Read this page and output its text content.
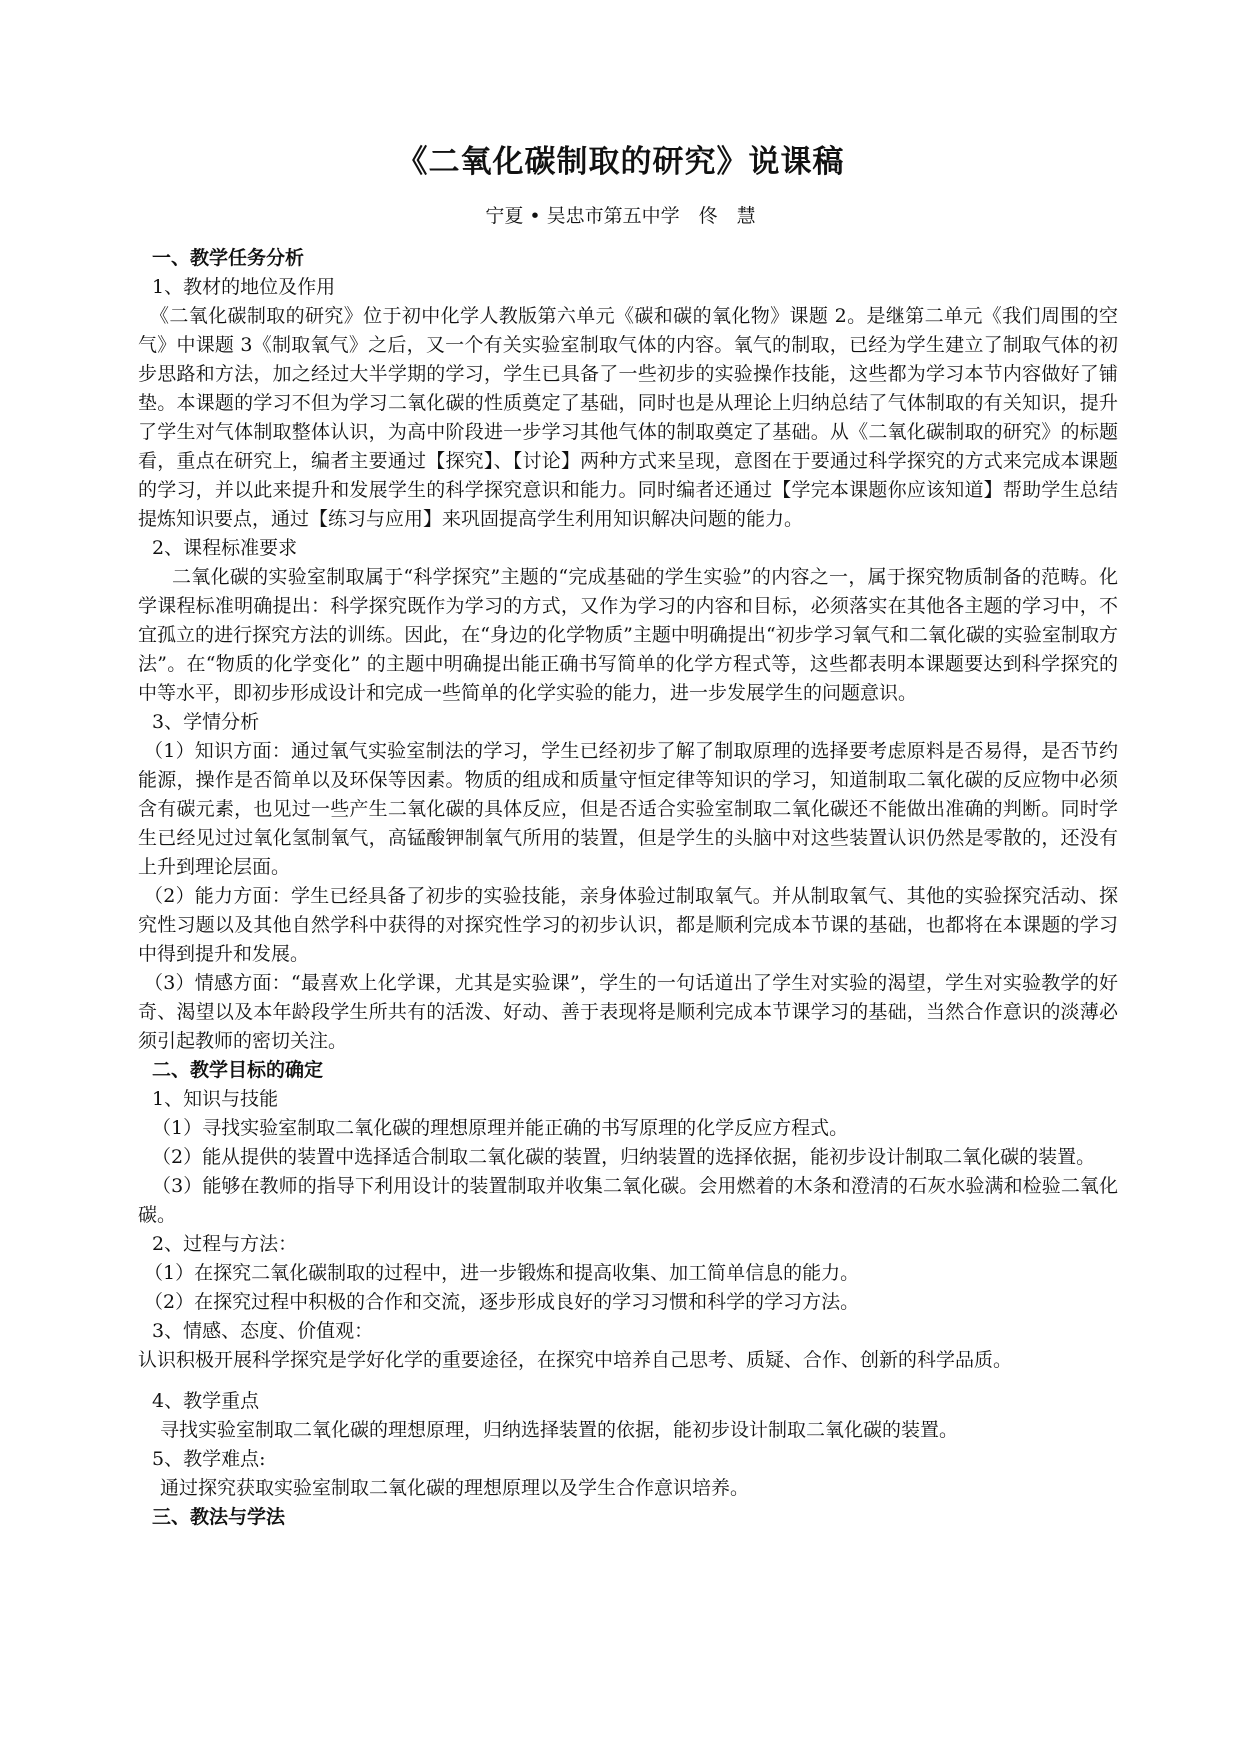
《二氧化碳制取的研究》说课稿
宁夏 • 吴忠市第五中学　佟　慧

一、教学任务分析

1、教材的地位及作用

《二氧化碳制取的研究》位于初中化学人教版第六单元《碳和碳的氧化物》课题 2。是继第二单元《我们周围的空气》中课题 3《制取氧气》之后，又一个有关实验室制取气体的内容。氧气的制取，已经为学生建立了制取气体的初步思路和方法，加之经过大半学期的学习，学生已具备了一些初步的实验操作技能，这些都为学习本节内容做好了铺垫。本课题的学习不但为学习二氧化碳的性质奠定了基础，同时也是从理论上归纳总结了气体制取的有关知识，提升了学生对气体制取整体认识，为高中阶段进一步学习其他气体的制取奠定了基础。从《二氧化碳制取的研究》的标题看，重点在研究上，编者主要通过【探究】、【讨论】两种方式来呈现，意图在于要通过科学探究的方式来完成本课题的学习，并以此来提升和发展学生的科学探究意识和能力。同时编者还通过【学完本课题你应该知道】帮助学生总结提炼知识要点，通过【练习与应用】来巩固提高学生利用知识解决问题的能力。

2、课程标准要求

二氧化碳的实验室制取属于“科学探究”主题的“完成基础的学生实验”的内容之一，属于探究物质制备的范畴。化学课程标准明确提出：科学探究既作为学习的方式，又作为学习的内容和目标，必须落实在其他各主题的学习中，不宜孤立的进行探究方法的训练。因此，在“身边的化学物质”主题中明确提出“初步学习氧气和二氧化碳的实验室制取方法”。在“物质的化学变化” 的主题中明确提出能正确书写简单的化学方程式等，这些都表明本课题要达到科学探究的中等水平，即初步形成设计和完成一些简单的化学实验的能力，进一步发展学生的问题意识。

3、学情分析

（1）知识方面：通过氧气实验室制法的学习，学生已经初步了解了制取原理的选择要考虑原料是否易得，是否节约能源，操作是否简单以及环保等因素。物质的组成和质量守恒定律等知识的学习，知道制取二氧化碳的反应物中必须含有碳元素，也见过一些产生二氧化碳的具体反应，但是否适合实验室制取二氧化碳还不能做出准确的判断。同时学生已经见过过氧化氢制氧气，高锰酸钾制氧气所用的装置，但是学生的头脑中对这些装置认识仍然是零散的，还没有上升到理论层面。

（2）能力方面：学生已经具备了初步的实验技能，亲身体验过制取氧气。并从制取氧气、其他的实验探究活动、探究性习题以及其他自然学科中获得的对探究性学习的初步认识，都是顺利完成本节课的基础，也都将在本课题的学习中得到提升和发展。

（3）情感方面：“最喜欢上化学课，尤其是实验课”，学生的一句话道出了学生对实验的渴望，学生对实验教学的好奇、渴望以及本年龄段学生所共有的活泼、好动、善于表现将是顺利完成本节课学习的基础，当然合作意识的淡薄必须引起教师的密切关注。

二、教学目标的确定

1、知识与技能

（1）寻找实验室制取二氧化碳的理想原理并能正确的书写原理的化学反应方程式。

（2）能从提供的装置中选择适合制取二氧化碳的装置，归纳装置的选择依据，能初步设计制取二氧化碳的装置。

（3）能够在教师的指导下利用设计的装置制取并收集二氧化碳。会用燃着的木条和澄清的石灰水验满和检验二氧化碳。

2、过程与方法：

（1）在探究二氧化碳制取的过程中，进一步锻炼和提高收集、加工简单信息的能力。

（2）在探究过程中积极的合作和交流，逐步形成良好的学习习惯和科学的学习方法。

3、情感、态度、价值观：

认识积极开展科学探究是学好化学的重要途径，在探究中培养自己思考、质疑、合作、创新的科学品质。

4、教学重点

寻找实验室制取二氧化碳的理想原理，归纳选择装置的依据，能初步设计制取二氧化碳的装置。

5、教学难点:

通过探究获取实验室制取二氧化碳的理想原理以及学生合作意识培养。

三、教法与学法
